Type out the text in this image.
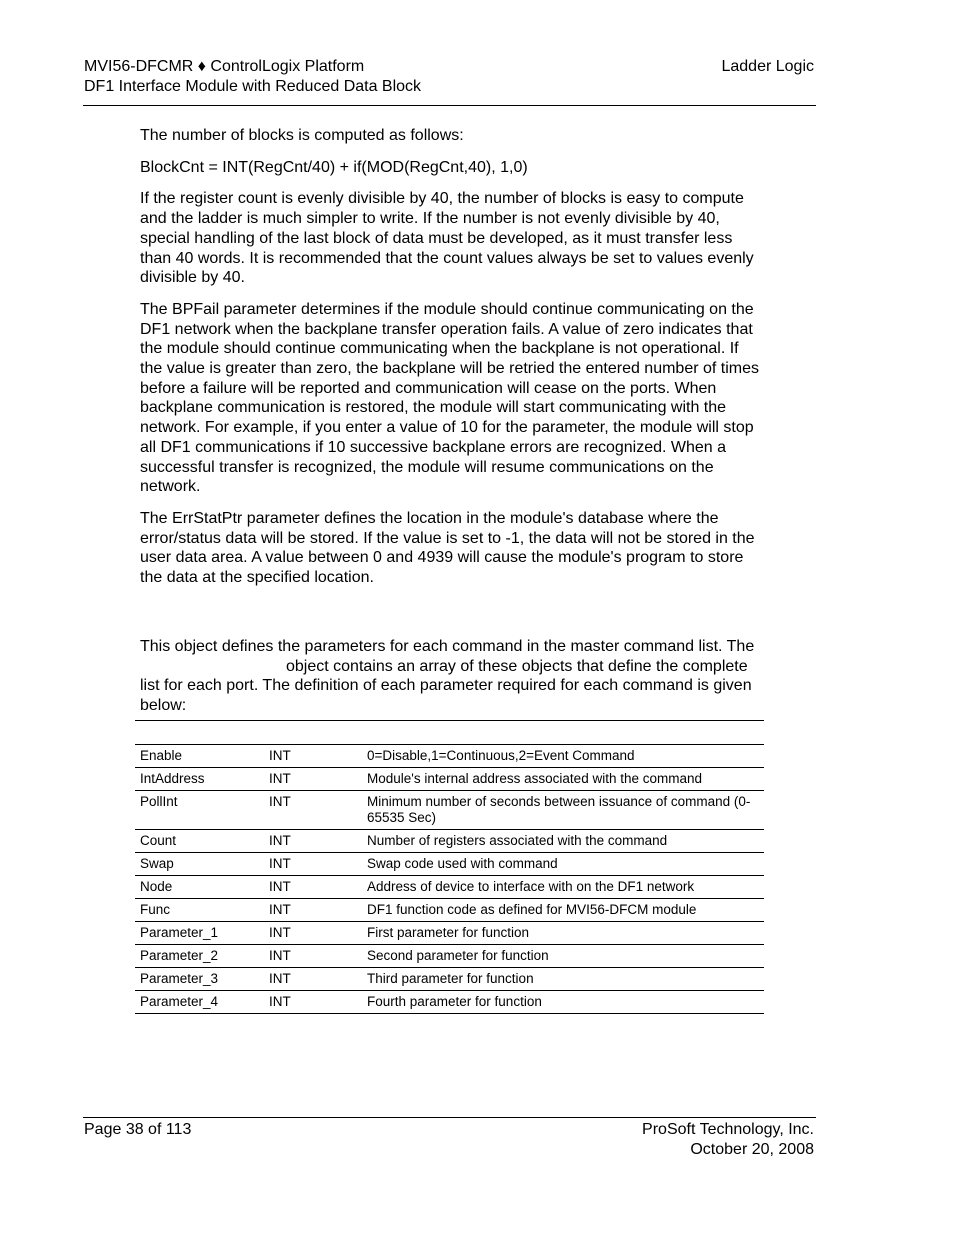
MVI56-DFCMR ♦ ControlLogix Platform
DF1 Interface Module with Reduced Data Block
Ladder Logic

The number of blocks is computed as follows:

BlockCnt = INT(RegCnt/40) + if(MOD(RegCnt,40), 1,0)

If the register count is evenly divisible by 40, the number of blocks is easy to compute and the ladder is much simpler to write. If the number is not evenly divisible by 40, special handling of the last block of data must be developed, as it must transfer less than 40 words. It is recommended that the count values always be set to values evenly divisible by 40.

The BPFail parameter determines if the module should continue communicating on the DF1 network when the backplane transfer operation fails. A value of zero indicates that the module should continue communicating when the backplane is not operational. If the value is greater than zero, the backplane will be retried the entered number of times before a failure will be reported and communication will cease on the ports. When backplane communication is restored, the module will start communicating with the network. For example, if you enter a value of 10 for the parameter, the module will stop all DF1 communications if 10 successive backplane errors are recognized. When a successful transfer is recognized, the module will resume communications on the network.

The ErrStatPtr parameter defines the location in the module's database where the error/status data will be stored. If the value is set to -1, the data will not be stored in the user data area. A value between 0 and 4939 will cause the module's program to store the data at the specified location.

This object defines the parameters for each command in the master command list. The object contains an array of these objects that define the complete list for each port. The definition of each parameter required for each command is given below:

Enable	INT	0=Disable,1=Continuous,2=Event Command
IntAddress	INT	Module's internal address associated with the command
PollInt	INT	Minimum number of seconds between issuance of command (0-65535 Sec)
Count	INT	Number of registers associated with the command
Swap	INT	Swap code used with command
Node	INT	Address of device to interface with on the DF1 network
Func	INT	DF1 function code as defined for MVI56-DFCM module
Parameter_1	INT	First parameter for function
Parameter_2	INT	Second parameter for function
Parameter_3	INT	Third parameter for function
Parameter_4	INT	Fourth parameter for function
Page 38 of 113	ProSoft Technology, Inc.
October 20, 2008
